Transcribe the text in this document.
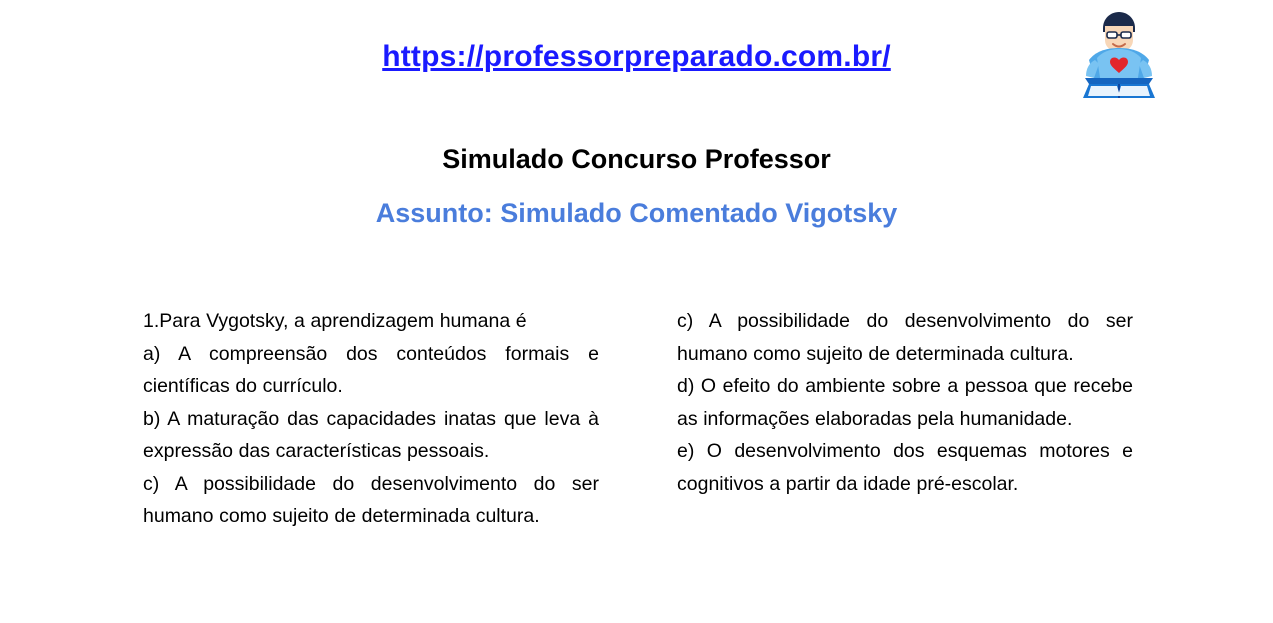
https://professorpreparado.com.br/
Simulado Concurso Professor
Assunto: Simulado Comentado Vigotsky

1.Para Vygotsky, a aprendizagem humana é

a) A compreensão dos conteúdos formais e científicas do currículo.

b) A maturação das capacidades inatas que leva à expressão das características pessoais.

c) A possibilidade do desenvolvimento do ser humano como sujeito de determinada cultura.

c) A possibilidade do desenvolvimento do ser humano como sujeito de determinada cultura.

d) O efeito do ambiente sobre a pessoa que recebe as informações elaboradas pela humanidade.

e) O desenvolvimento dos esquemas motores e cognitivos a partir da idade pré-escolar.
